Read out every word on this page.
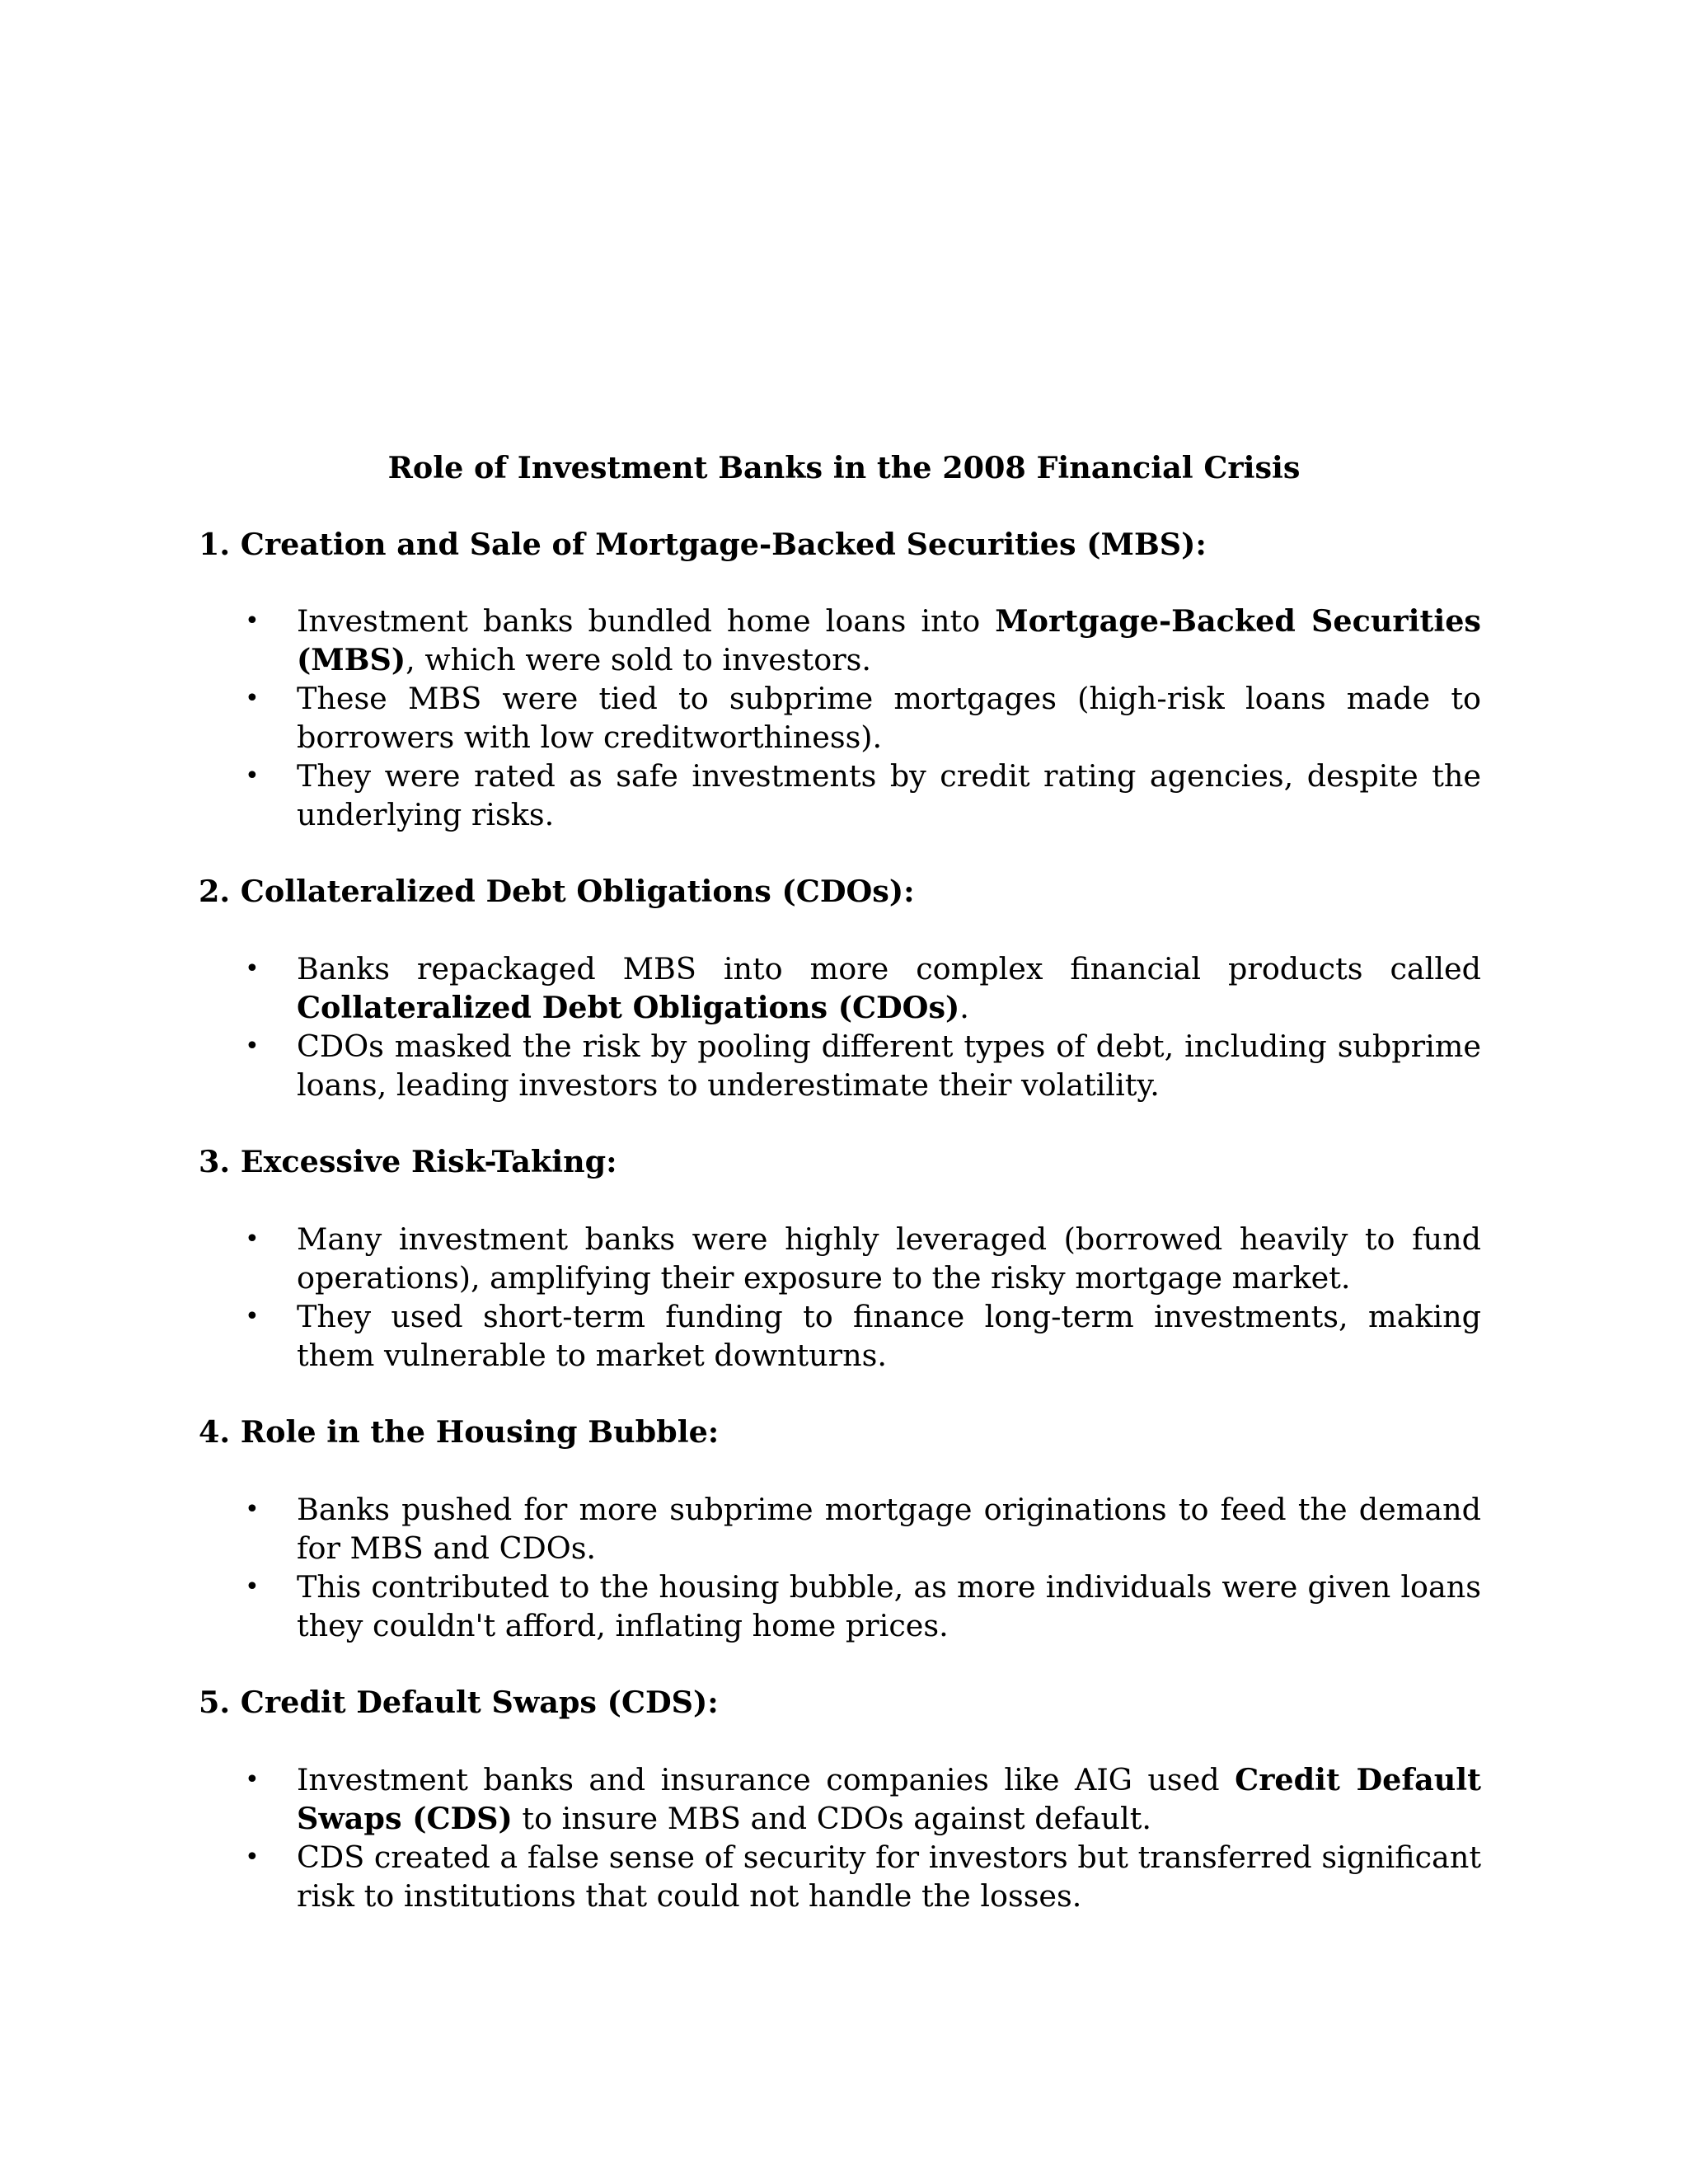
Role of Investment Banks in the 2008 Financial Crisis
1. Creation and Sale of Mortgage-Backed Securities (MBS):
• Investment banks bundled home loans into Mortgage-Backed Securities (MBS), which were sold to investors.
• These MBS were tied to subprime mortgages (high-risk loans made to borrowers with low creditworthiness).
• They were rated as safe investments by credit rating agencies, despite the underlying risks.
2. Collateralized Debt Obligations (CDOs):
• Banks repackaged MBS into more complex financial products called Collateralized Debt Obligations (CDOs).
• CDOs masked the risk by pooling different types of debt, including subprime loans, leading investors to underestimate their volatility.
3. Excessive Risk-Taking:
• Many investment banks were highly leveraged (borrowed heavily to fund operations), amplifying their exposure to the risky mortgage market.
• They used short-term funding to finance long-term investments, making them vulnerable to market downturns.
4. Role in the Housing Bubble:
• Banks pushed for more subprime mortgage originations to feed the demand for MBS and CDOs.
• This contributed to the housing bubble, as more individuals were given loans they couldn't afford, inflating home prices.
5. Credit Default Swaps (CDS):
• Investment banks and insurance companies like AIG used Credit Default Swaps (CDS) to insure MBS and CDOs against default.
• CDS created a false sense of security for investors but transferred significant risk to institutions that could not handle the losses.
